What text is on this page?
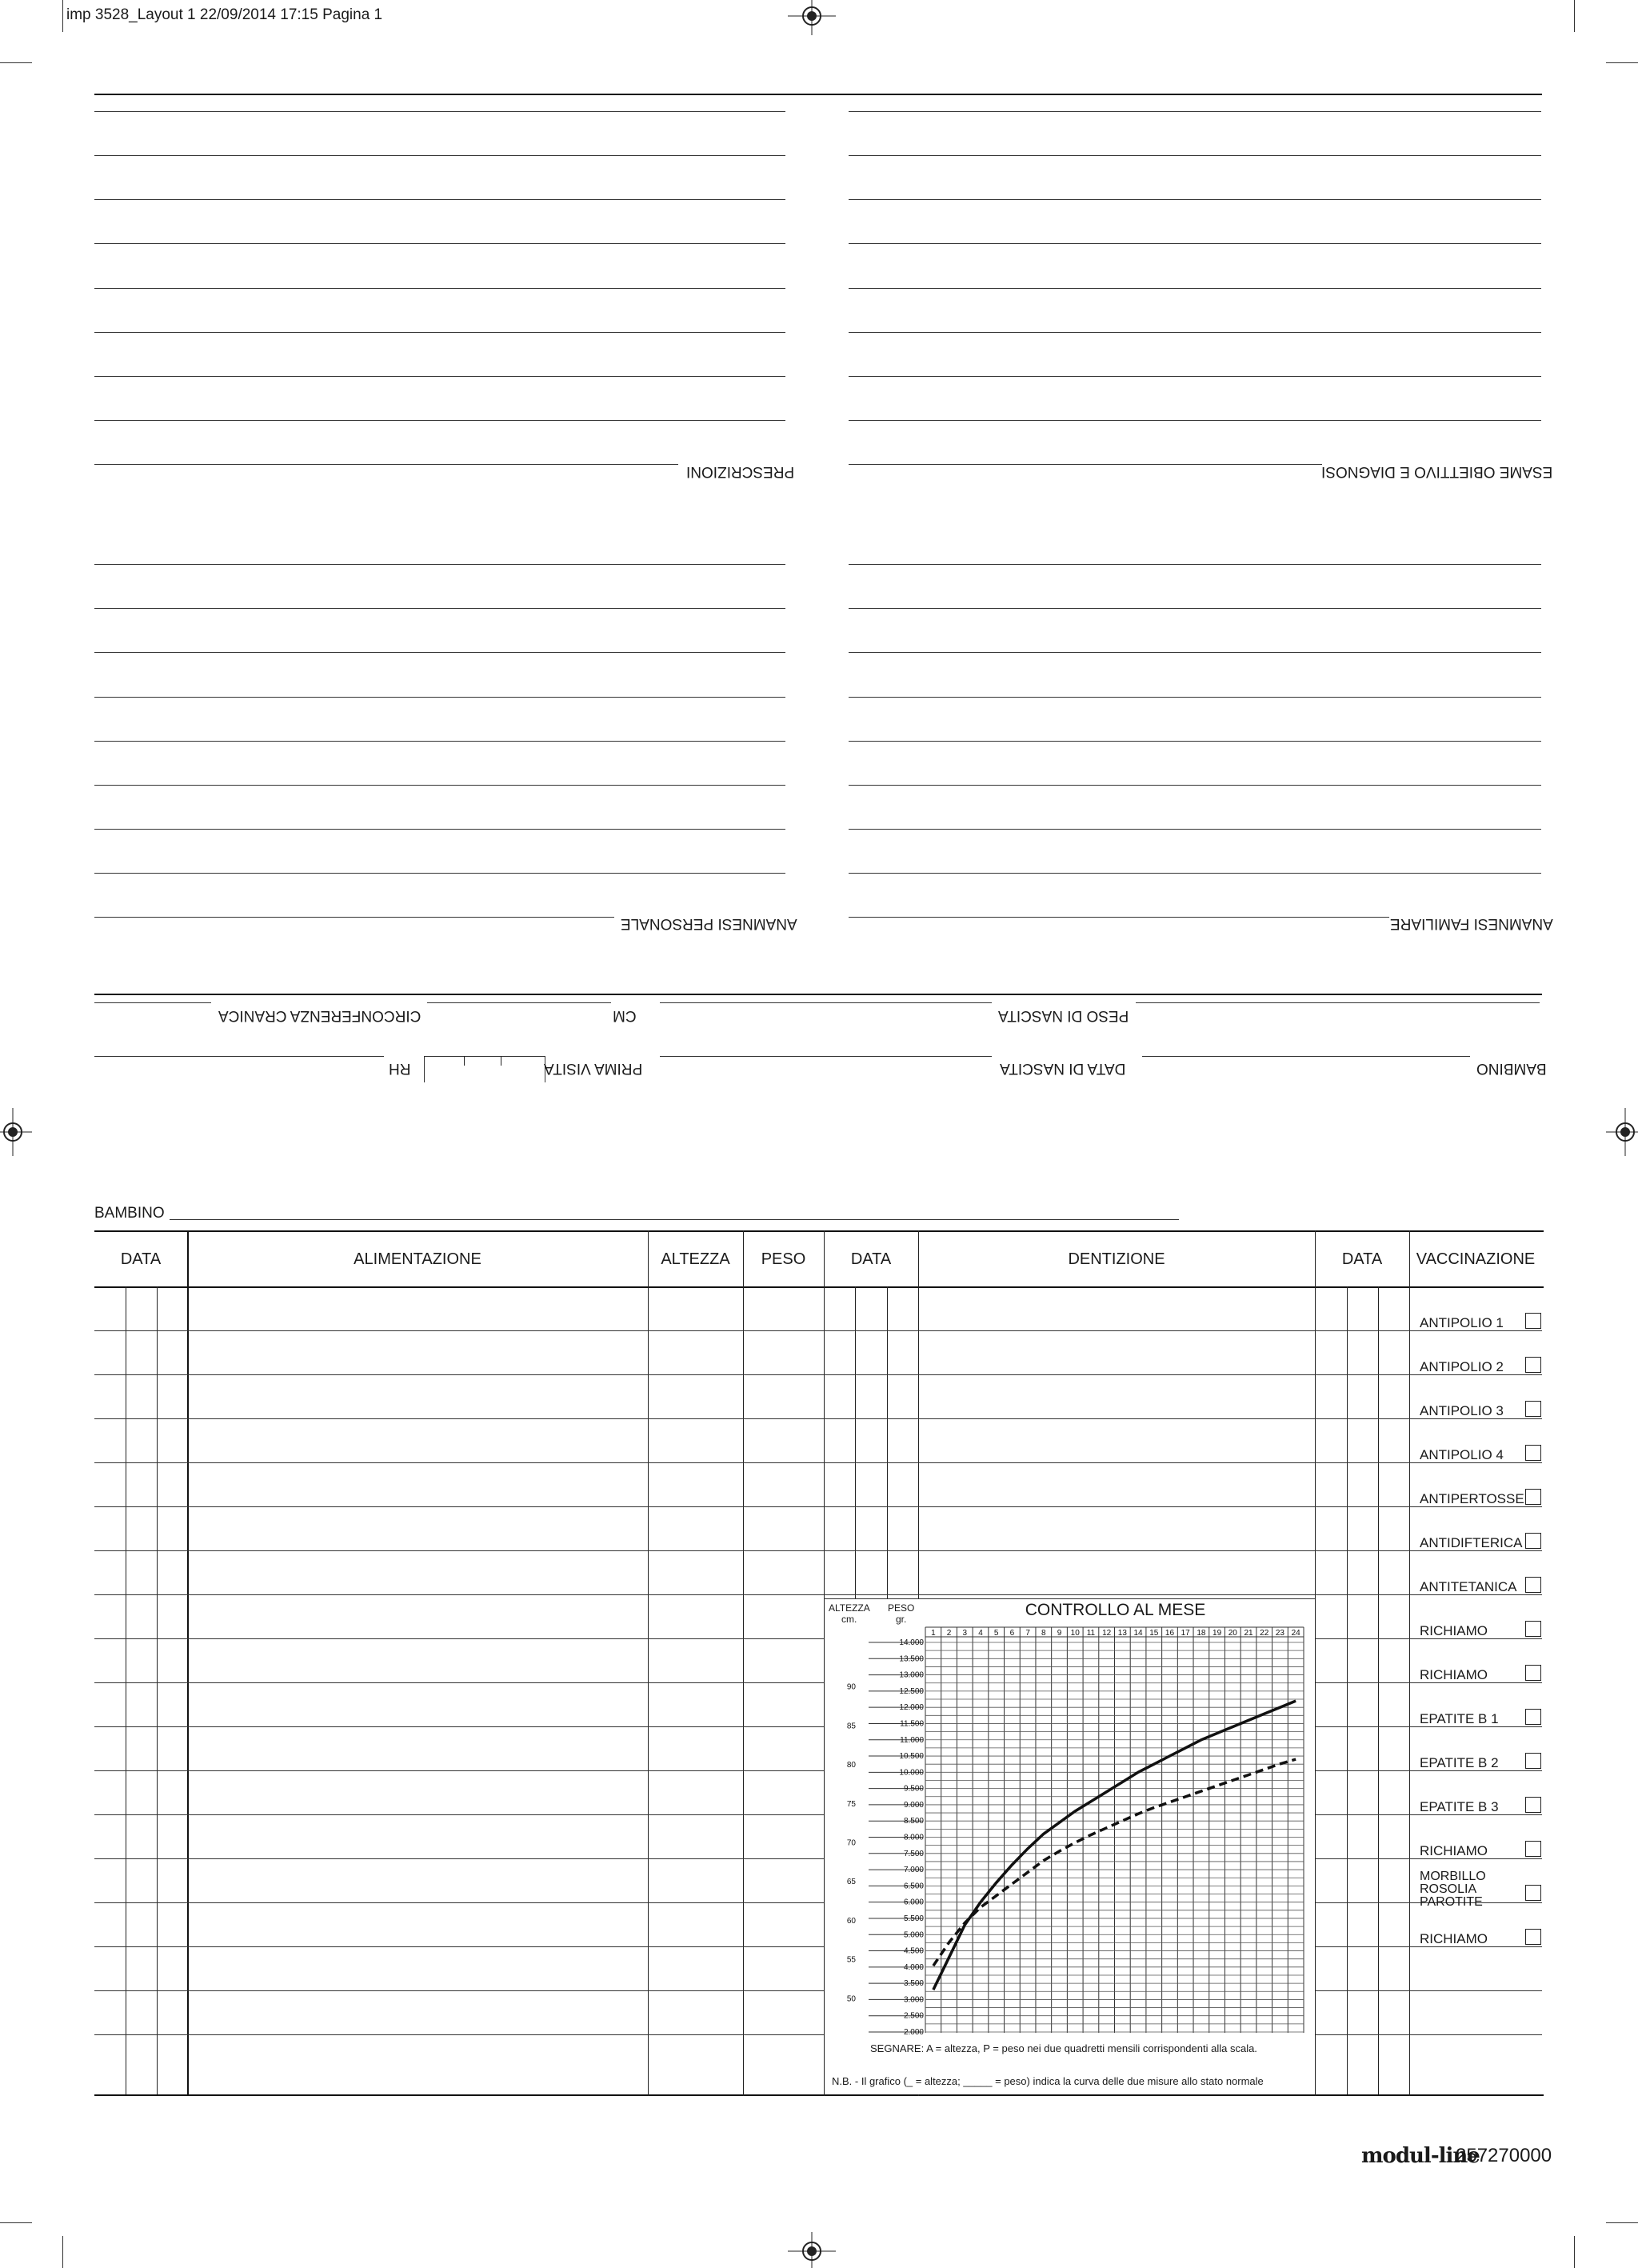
imp 3528_Layout 1 22/09/2014 17:15 Pagina 1
PRESCRIZIONI	ESAME OBIETTIVO E DIAGNOSI
ANAMNESI PERSONALE	ANAMNESI FAMILIARE
CIRCONFERENZA CRANICA	CM	PESO DI NASCITA
RH	PRIMA VISITA	DATA DI NASCITA	BAMBINO
BAMBINO
DATA	ALIMENTAZIONE	ALTEZZA	PESO	DATA	DENTIZIONE	DATA	VACCINAZIONE
ANTIPOLIO 1
ANTIPOLIO 2
ANTIPOLIO 3
ANTIPOLIO 4
ANTIPERTOSSE
ANTIDIFTERICA
ANTITETANICA
RICHIAMO
RICHIAMO
EPATITE B 1
EPATITE B 2
EPATITE B 3
RICHIAMO
MORBILLO
ROSOLIA
PAROTITE
RICHIAMO
ALTEZZA
cm.
PESO
gr.	CONTROLLO AL MESE
1 2 3 4 5 6 7 8 9 10 11 12 13 14 15 16 17 18 19 20 21 22 23 24
14.000
13.500
13.000
12.500
12.000
11.500
11.000
10.500
10.000
9.500
9.000
8.500
8.000
7.500
7.000
6.500
6.000
5.500
5.000
4.500
4.000
3.500
3.000
2.500
2.000
90
85
80
75
70
65
60
55
50
SEGNARE: A = altezza, P = peso nei due quadretti mensili corrispondenti alla scala.
N.B. - Il grafico (_ = altezza; _____ = peso) indica la curva delle due misure allo stato normale
modul-line
257270000
